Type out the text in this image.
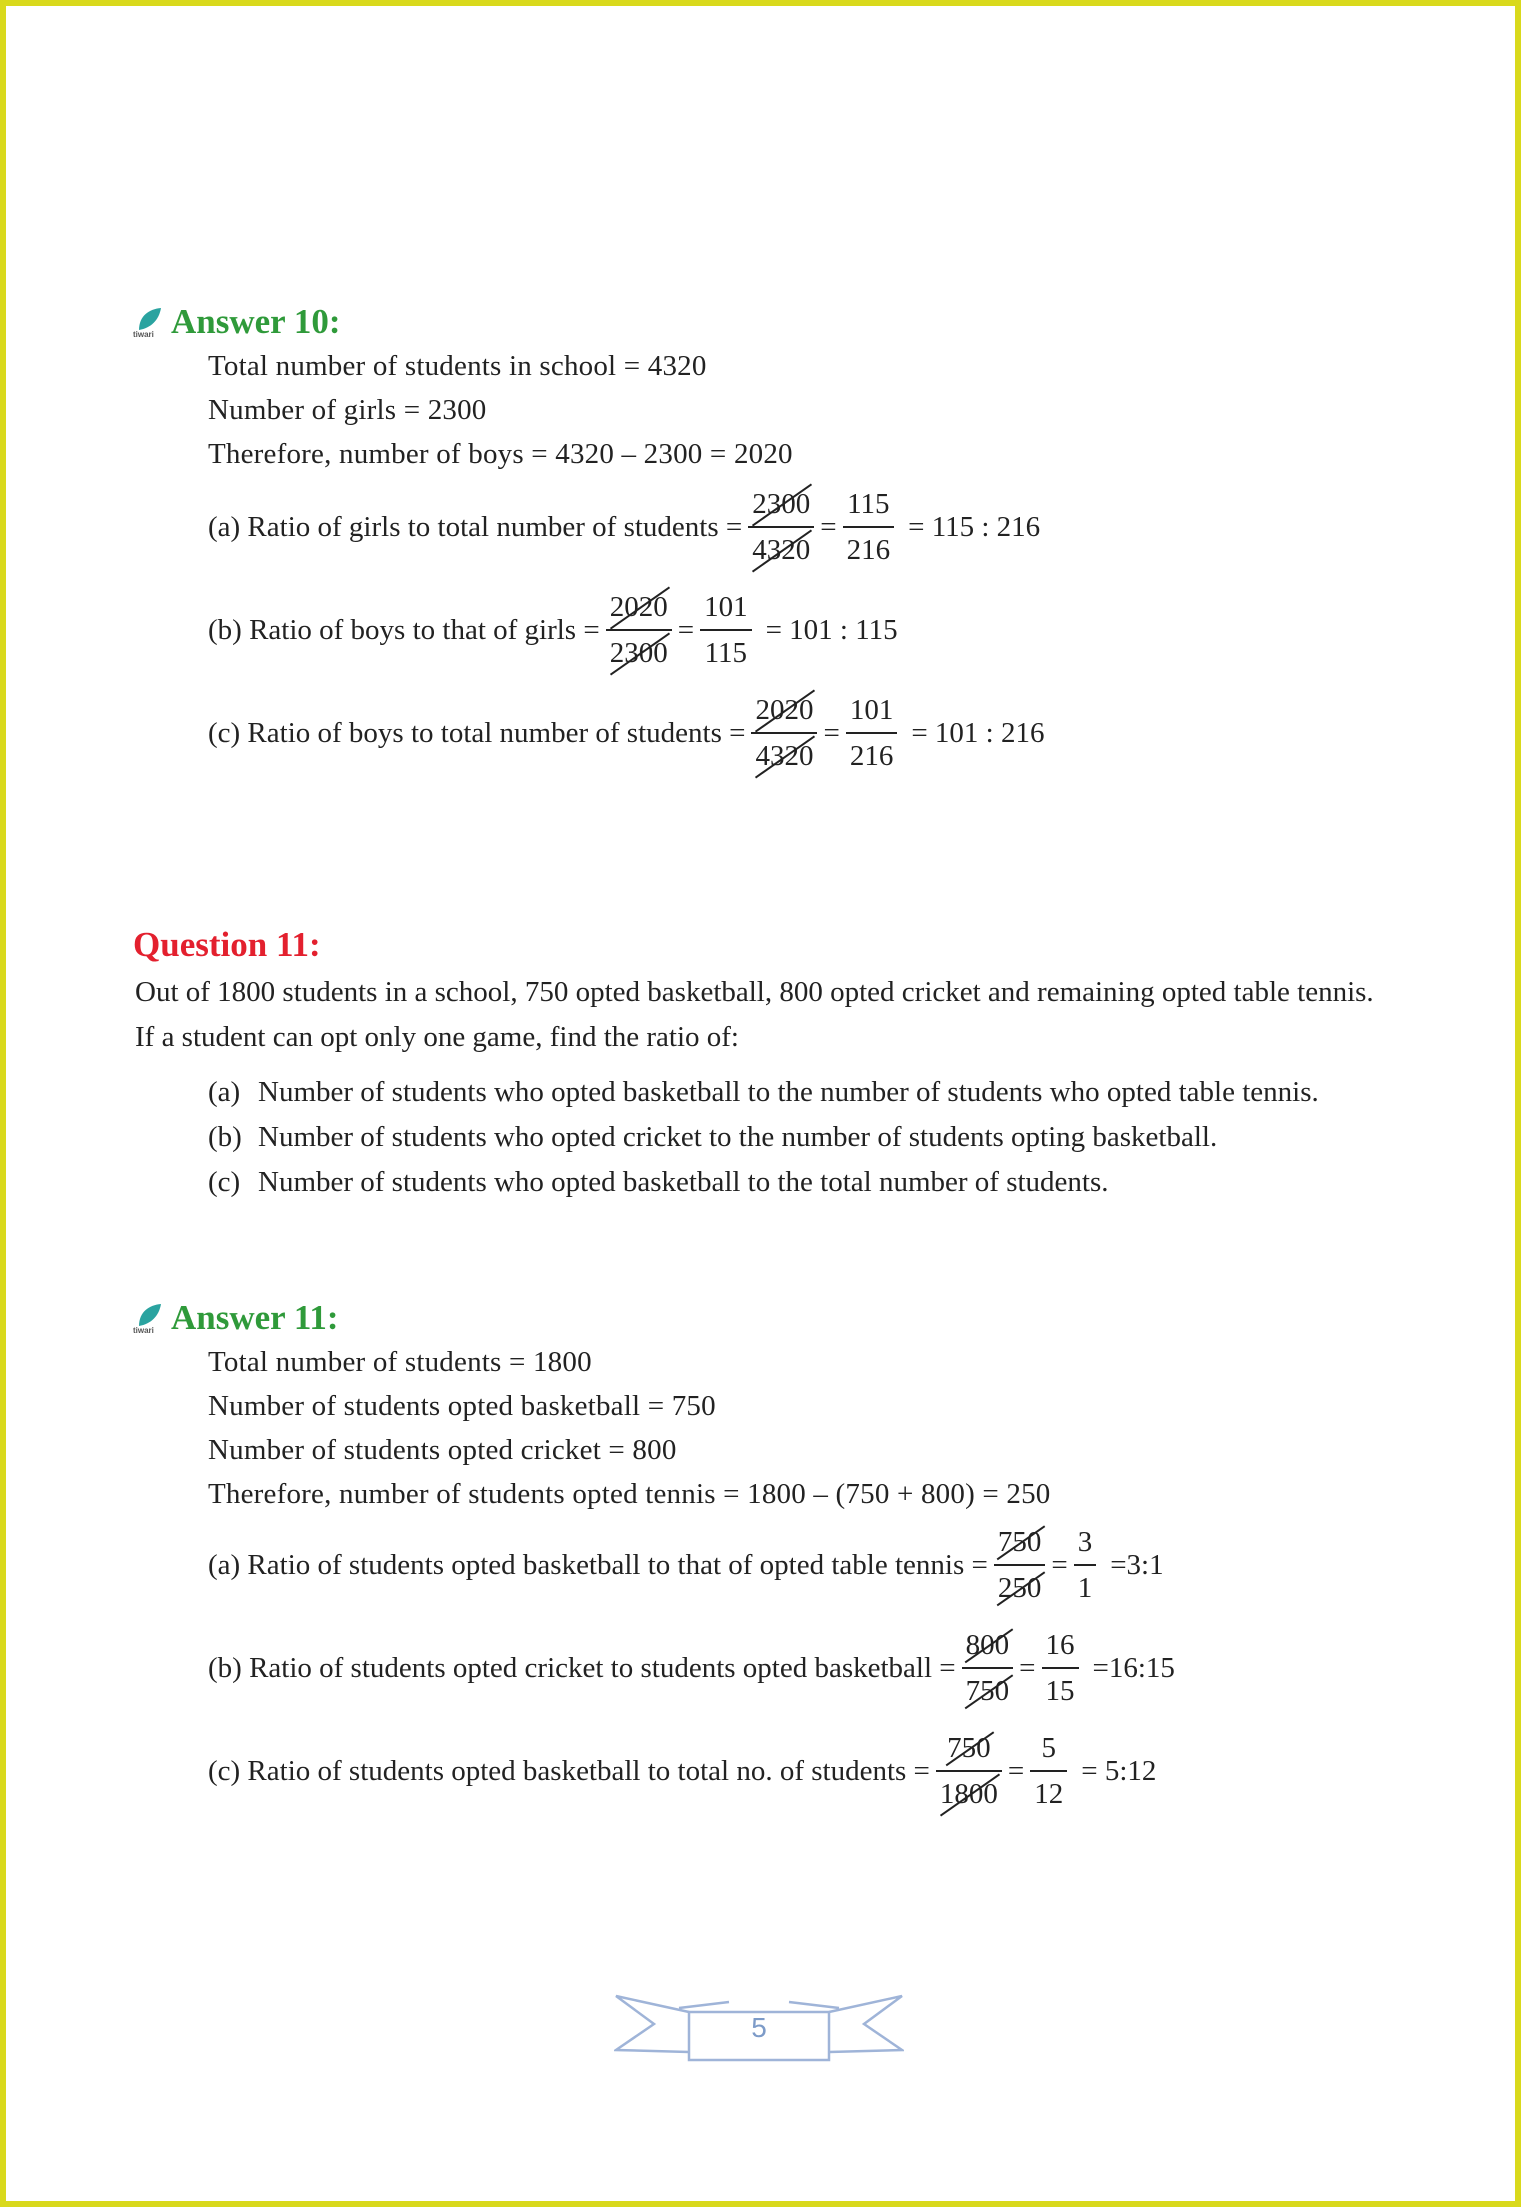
tiwari Answer 10:
Total number of students in school = 4320
Number of girls = 2300
Therefore, number of boys = 4320 – 2300 = 2020
(a) Ratio of girls to total number of students = $\frac{2300}{4320} = \frac{115}{216} = 115$ : 216
(b) Ratio of boys to that of girls = $\frac{2020}{2300} = \frac{101}{115} = 101$ : 115
(c) Ratio of boys to total number of students = $\frac{2020}{4320} = \frac{101}{216} = 101$ : 216
Question 11:
Out of 1800 students in a school, 750 opted basketball, 800 opted cricket and remaining opted table tennis. If a student can opt only one game, find the ratio of:
(a) Number of students who opted basketball to the number of students who opted table tennis.
(b) Number of students who opted cricket to the number of students opting basketball.
(c) Number of students who opted basketball to the total number of students.
tiwari Answer 11:
Total number of students = 1800
Number of students opted basketball = 750
Number of students opted cricket = 800
Therefore, number of students opted tennis = 1800 – (750 + 800) = 250
(a) Ratio of students opted basketball to that of opted table tennis = $\frac{750}{250} = \frac{3}{1}$ =3:1
(b) Ratio of students opted cricket to students opted basketball = $\frac{800}{750} = \frac{16}{15}$ =16:15
(c) Ratio of students opted basketball to total no. of students = $\frac{750}{1800} = \frac{5}{12}$ = 5:12
5
